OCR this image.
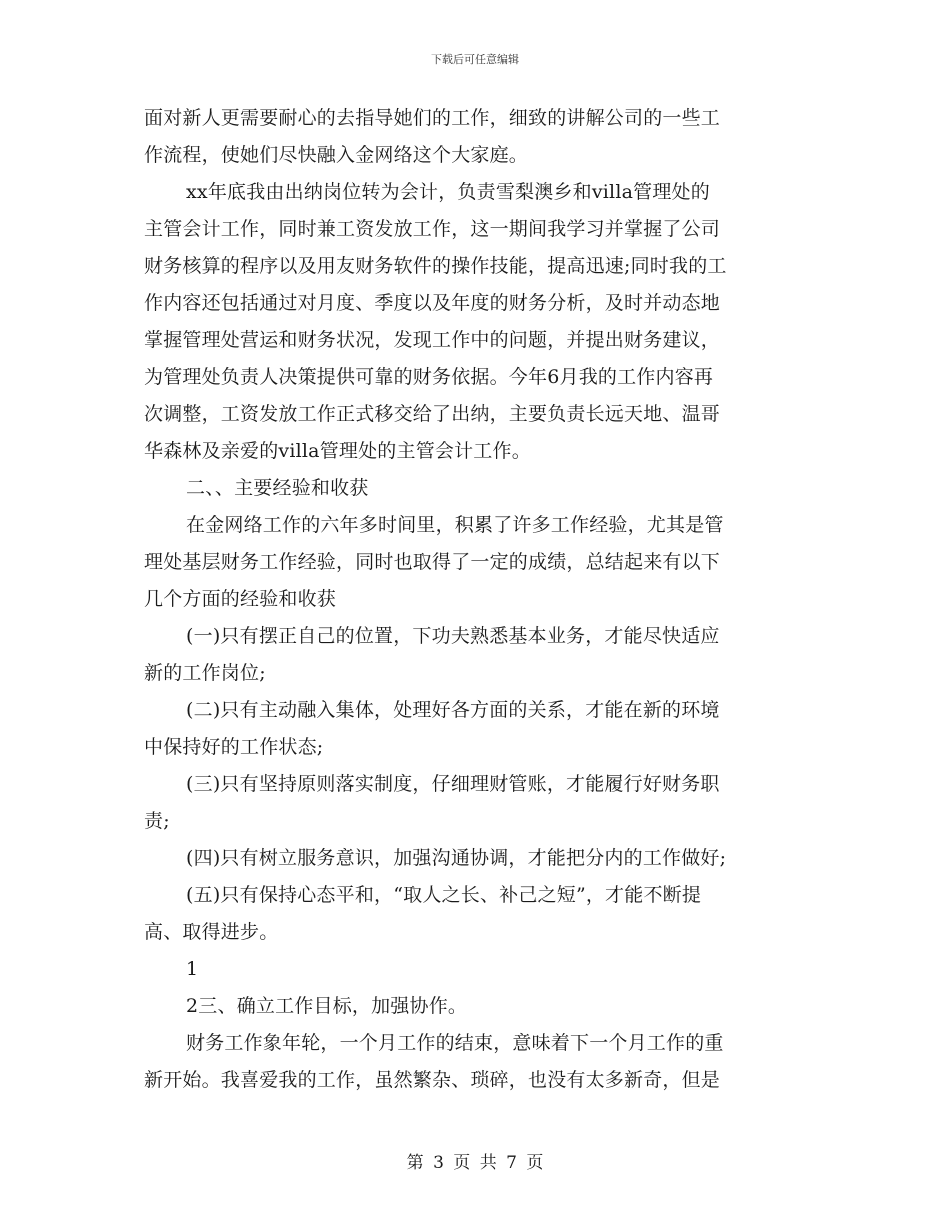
下载后可任意编辑
面对新人更需要耐心的去指导她们的工作，细致的讲解公司的一些工
作流程，使她们尽快融入金网络这个大家庭。
xx年底我由出纳岗位转为会计，负责雪梨澳乡和villa管理处的
主管会计工作，同时兼工资发放工作，这一期间我学习并掌握了公司
财务核算的程序以及用友财务软件的操作技能，提高迅速;同时我的工
作内容还包括通过对月度、季度以及年度的财务分析，及时并动态地
掌握管理处营运和财务状况，发现工作中的问题，并提出财务建议，
为管理处负责人决策提供可靠的财务依据。今年6月我的工作内容再
次调整，工资发放工作正式移交给了出纳，主要负责长远天地、温哥
华森林及亲爱的villa管理处的主管会计工作。
二、、主要经验和收获
在金网络工作的六年多时间里，积累了许多工作经验，尤其是管
理处基层财务工作经验，同时也取得了一定的成绩，总结起来有以下
几个方面的经验和收获
(一)只有摆正自己的位置，下功夫熟悉基本业务，才能尽快适应
新的工作岗位;
(二)只有主动融入集体，处理好各方面的关系，才能在新的环境
中保持好的工作状态;
(三)只有坚持原则落实制度，仔细理财管账，才能履行好财务职
责;
(四)只有树立服务意识，加强沟通协调，才能把分内的工作做好;
(五)只有保持心态平和，“取人之长、补己之短”，才能不断提
高、取得进步。
1
2三、确立工作目标，加强协作。
财务工作象年轮，一个月工作的结束，意味着下一个月工作的重
新开始。我喜爱我的工作，虽然繁杂、琐碎，也没有太多新奇，但是
第 3 页 共 7 页
